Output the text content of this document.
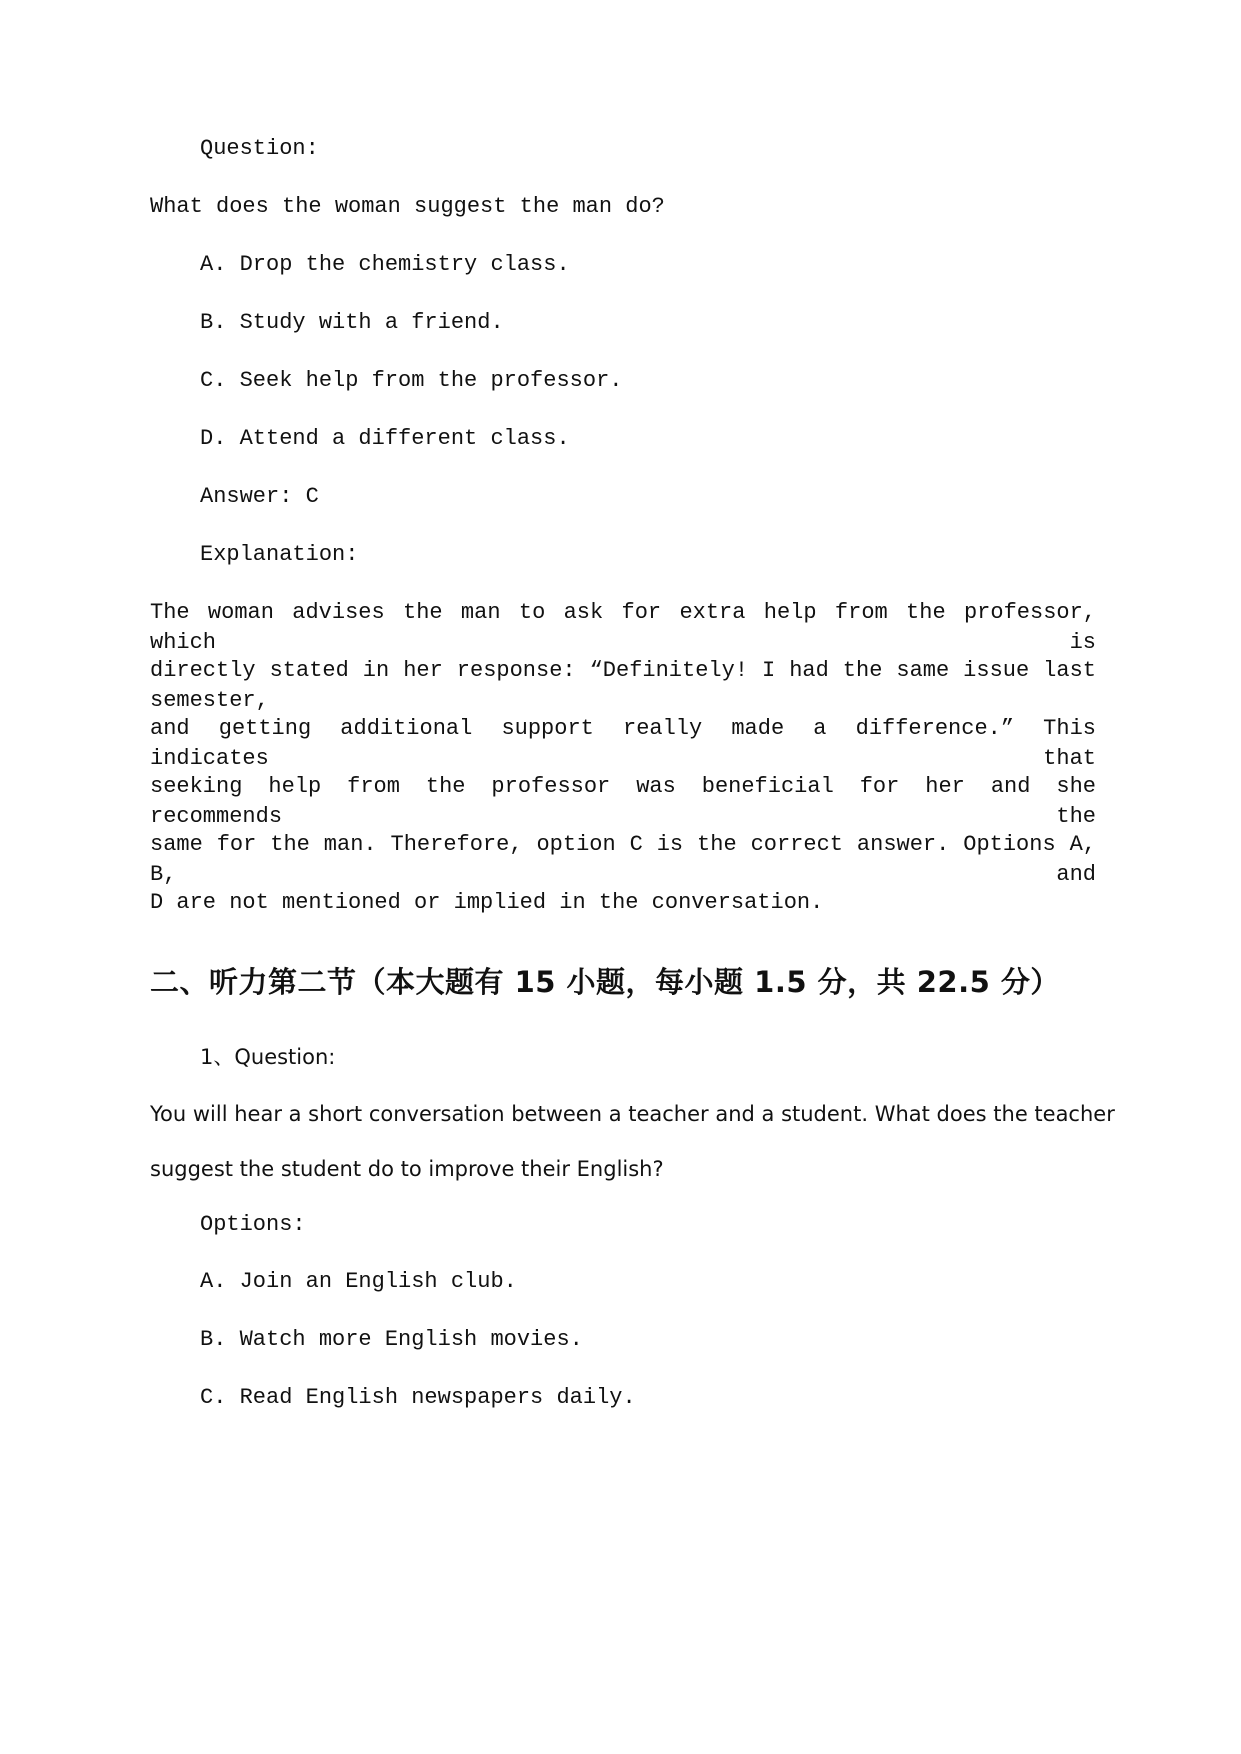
Question:
What does the woman suggest the man do?
A. Drop the chemistry class.
B. Study with a friend.
C. Seek help from the professor.
D. Attend a different class.
Answer: C
Explanation:
The woman advises the man to ask for extra help from the professor, which is
directly stated in her response: “Definitely! I had the same issue last semester,
and getting additional support really made a difference.” This indicates that
seeking help from the professor was beneficial for her and she recommends the
same for the man. Therefore, option C is the correct answer. Options A, B, and
D are not mentioned or implied in the conversation.
二、听力第二节（本大题有 15 小题，每小题 1.5 分，共 22.5 分）
1、Question:
You will hear a short conversation between a teacher and a student. What does the teacher
suggest the student do to improve their English?
Options:
A. Join an English club.
B. Watch more English movies.
C. Read English newspapers daily.
